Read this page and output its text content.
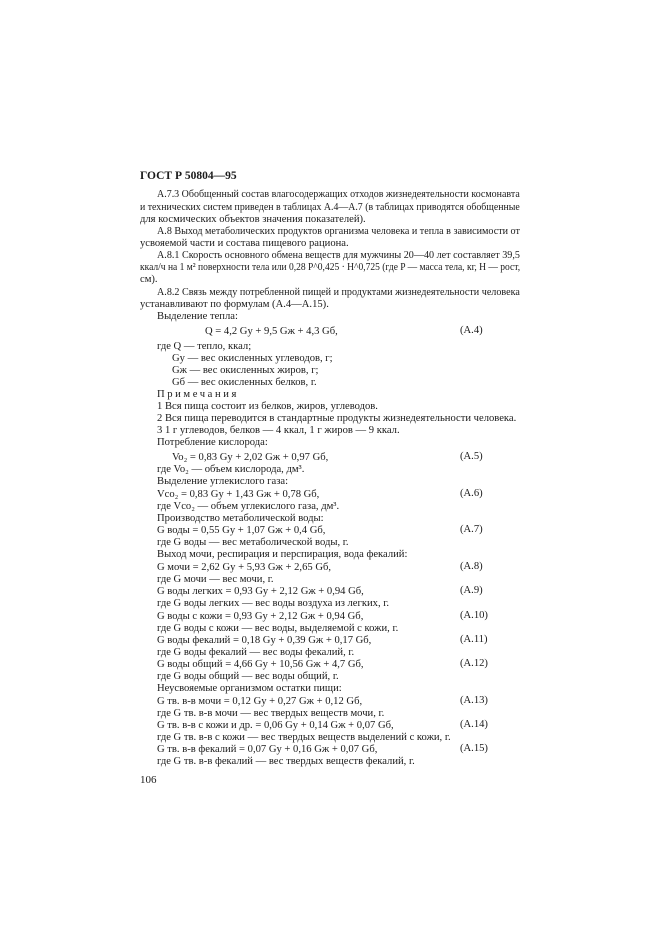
ГОСТ Р 50804—95
А.7.3 Обобщенный состав влагосодержащих отходов жизнедеятельности космонавта
и технических систем приведен в таблицах А.4—А.7 (в таблицах приводятся обобщенные
для космических объектов значения показателей).
А.8 Выход метаболических продуктов организма человека и тепла в зависимости от
усвояемой части и состава пищевого рациона.
А.8.1 Скорость основного обмена веществ для мужчины 20—40 лет составляет 39,5
ккал/ч на 1 м² поверхности тела или 0,28 P^0,425 · H^0,725 (где P — масса тела, кг, H — рост,
см).
А.8.2 Связь между потребленной пищей и продуктами жизнедеятельности человека
устанавливают по формулам (А.4—А.15).
Выделение тепла:
Q = 4,2 Gу + 9,5 Gж + 4,3 Gб,	(А.4)
где Q — тепло, ккал;
Gу — вес окисленных углеводов, г;
Gж — вес окисленных жиров, г;
Gб — вес окисленных белков, г.
Примечания
1 Вся пища состоит из белков, жиров, углеводов.
2 Вся пища переводится в стандартные продукты жизнедеятельности человека.
3 1 г углеводов, белков — 4 ккал, 1 г жиров — 9 ккал.
Потребление кислорода:
Vo₂ = 0,83 Gу + 2,02 Gж + 0,97 Gб,	(А.5)
где Vo₂ — объем кислорода, дм³.
Выделение углекислого газа:
Vco₂ = 0,83 Gу + 1,43 Gж + 0,78 Gб,	(А.6)
где Vco₂ — объем углекислого газа, дм³.
Производство метаболической воды:
G воды = 0,55 Gу + 1,07 Gж + 0,4 Gб,	(А.7)
где G воды — вес метаболической воды, г.
Выход мочи, респирация и перспирация, вода фекалий:
G мочи = 2,62 Gу + 5,93 Gж + 2,65 Gб,	(А.8)
где G мочи — вес мочи, г.
G воды легких = 0,93 Gу + 2,12 Gж + 0,94 Gб,	(А.9)
где G воды легких — вес воды воздуха из легких, г.
G воды с кожи = 0,93 Gу + 2,12 Gж + 0,94 Gб,	(А.10)
где G воды с кожи — вес воды, выделяемой с кожи, г.
G воды фекалий = 0,18 Gу + 0,39 Gж + 0,17 Gб,	(А.11)
где G воды фекалий — вес воды фекалий, г.
G воды общий = 4,66 Gу + 10,56 Gж + 4,7 Gб,	(А.12)
где G воды общий — вес воды общий, г.
Неусвояемые организмом остатки пищи:
G тв. в-в мочи = 0,12 Gу + 0,27 Gж + 0,12 Gб,	(А.13)
где G тв. в-в мочи — вес твердых веществ мочи, г.
G тв. в-в с кожи и др. = 0,06 Gу + 0,14 Gж + 0,07 Gб,	(А.14)
где G тв. в-в с кожи — вес твердых веществ выделений с кожи, г.
G тв. в-в фекалий = 0,07 Gу + 0,16 Gж + 0,07 Gб,	(А.15)
где G тв. в-в фекалий — вес твердых веществ фекалий, г.
106
